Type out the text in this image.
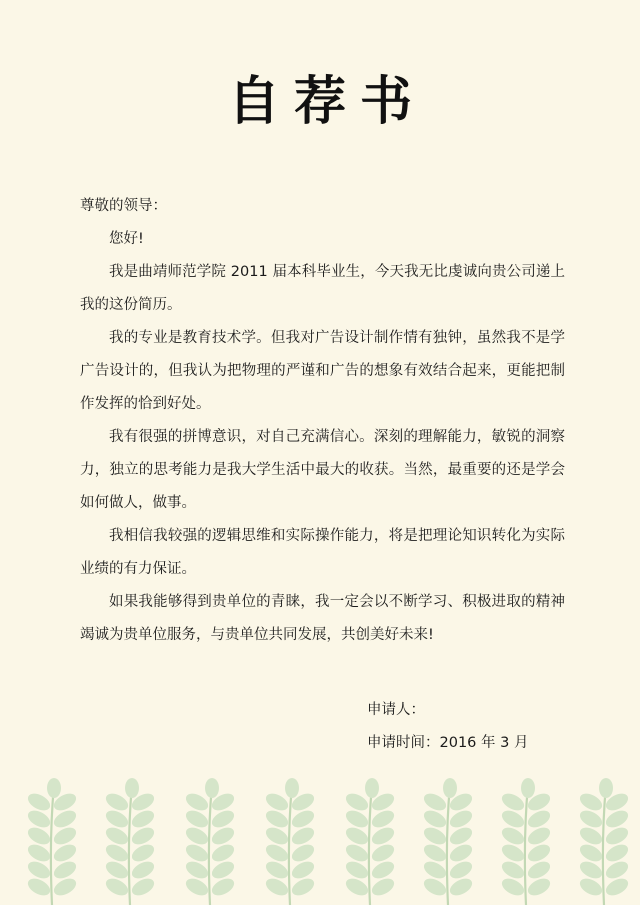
自荐书

尊敬的领导：

您好!

我是曲靖师范学院 2011 届本科毕业生，今天我无比虔诚向贵公司递上我的这份简历。

我的专业是教育技术学。但我对广告设计制作情有独钟，虽然我不是学广告设计的，但我认为把物理的严谨和广告的想象有效结合起来，更能把制作发挥的恰到好处。

我有很强的拼博意识，对自己充满信心。深刻的理解能力，敏锐的洞察力，独立的思考能力是我大学生活中最大的收获。当然，最重要的还是学会如何做人，做事。

我相信我较强的逻辑思维和实际操作能力，将是把理论知识转化为实际业绩的有力保证。

如果我能够得到贵单位的青睐，我一定会以不断学习、积极进取的精神竭诚为贵单位服务，与贵单位共同发展，共创美好未来!

申请人：
申请时间：2016 年 3 月
